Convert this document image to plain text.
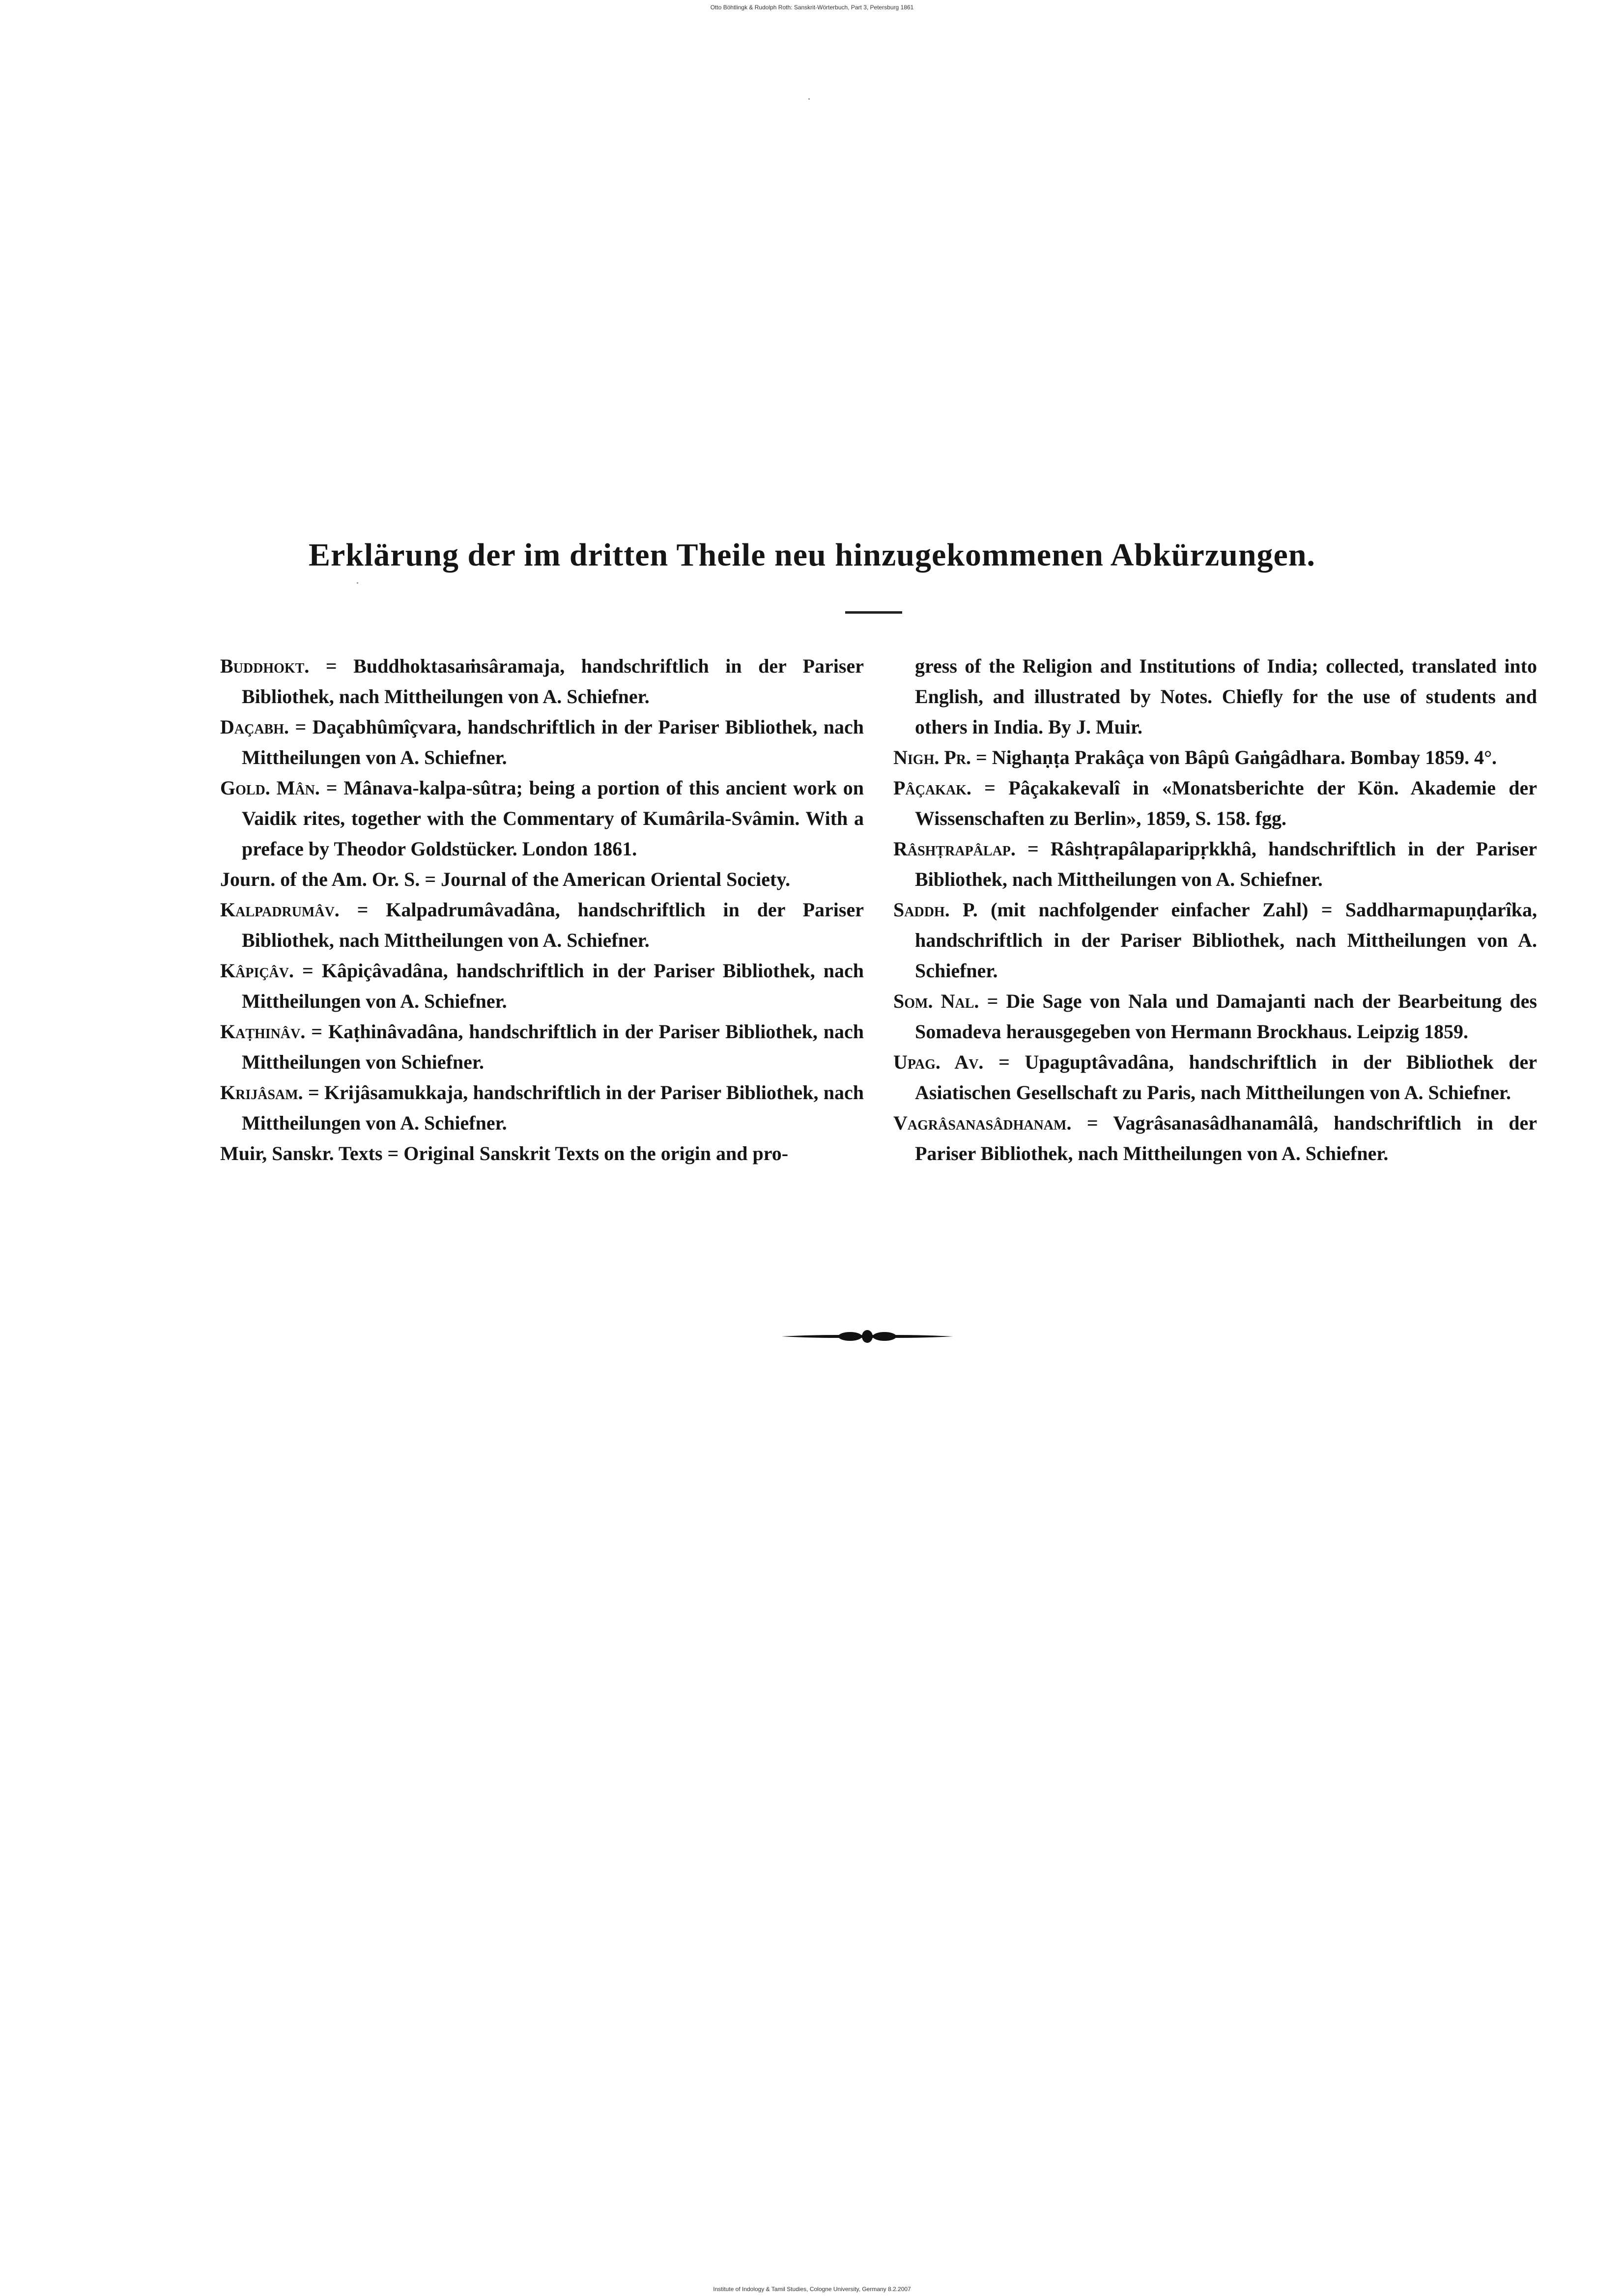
Otto Böhtlingk & Rudolph Roth: Sanskrit-Wörterbuch, Part 3, Petersburg 1861
Erklärung der im dritten Theile neu hinzugekommenen Abkürzungen.

Buddhokt. = Buddhoktasaṁsâramaja, handschriftlich in der Pariser Bibliothek, nach Mittheilungen von A. Schiefner.

Daçabh. = Daçabhûmîçvara, handschriftlich in der Pariser Bibliothek, nach Mittheilungen von A. Schiefner.

Gold. Mân. = Mânava-kalpa-sûtra; being a portion of this ancient work on Vaidik rites, together with the Commentary of Kumârila-Svâmin. With a preface by Theodor Goldstücker. London 1861.

Journ. of the Am. Or. S. = Journal of the American Oriental Society.

Kalpadrumâv. = Kalpadrumâvadâna, handschriftlich in der Pariser Bibliothek, nach Mittheilungen von A. Schiefner.

Kâpiçâv. = Kâpiçâvadâna, handschriftlich in der Pariser Bibliothek, nach Mittheilungen von A. Schiefner.

Kaṭhinâv. = Kaṭhinâvadâna, handschriftlich in der Pariser Bibliothek, nach Mittheilungen von Schiefner.

Krijâsam. = Krijâsamukkaja, handschriftlich in der Pariser Bibliothek, nach Mittheilungen von A. Schiefner.

Muir, Sanskr. Texts = Original Sanskrit Texts on the origin and pro-

gress of the Religion and Institutions of India; collected, translated into English, and illustrated by Notes. Chiefly for the use of students and others in India. By J. Muir.

Nigh. Pr. = Nighaṇṭa Prakâça von Bâpû Gaṅgâdhara. Bombay 1859. 4°.

Pâçakak. = Pâçakakevalî in «Monatsberichte der Kön. Akademie der Wissenschaften zu Berlin», 1859, S. 158. fgg.

Râshṭrapâlap. = Râshṭrapâlaparipṛkkhâ, handschriftlich in der Pariser Bibliothek, nach Mittheilungen von A. Schiefner.

Saddh. P. (mit nachfolgender einfacher Zahl) = Saddharmapuṇḍarîka, handschriftlich in der Pariser Bibliothek, nach Mittheilungen von A. Schiefner.

Som. Nal. = Die Sage von Nala und Damajanti nach der Bearbeitung des Somadeva herausgegeben von Hermann Brockhaus. Leipzig 1859.

Upag. Av. = Upaguptâvadâna, handschriftlich in der Bibliothek der Asiatischen Gesellschaft zu Paris, nach Mittheilungen von A. Schiefner.

Vagrâsanasâdhanam. = Vagrâsanasâdhanamâlâ, handschriftlich in der Pariser Bibliothek, nach Mittheilungen von A. Schiefner.

Institute of Indology & Tamil Studies, Cologne University, Germany 8.2.2007
